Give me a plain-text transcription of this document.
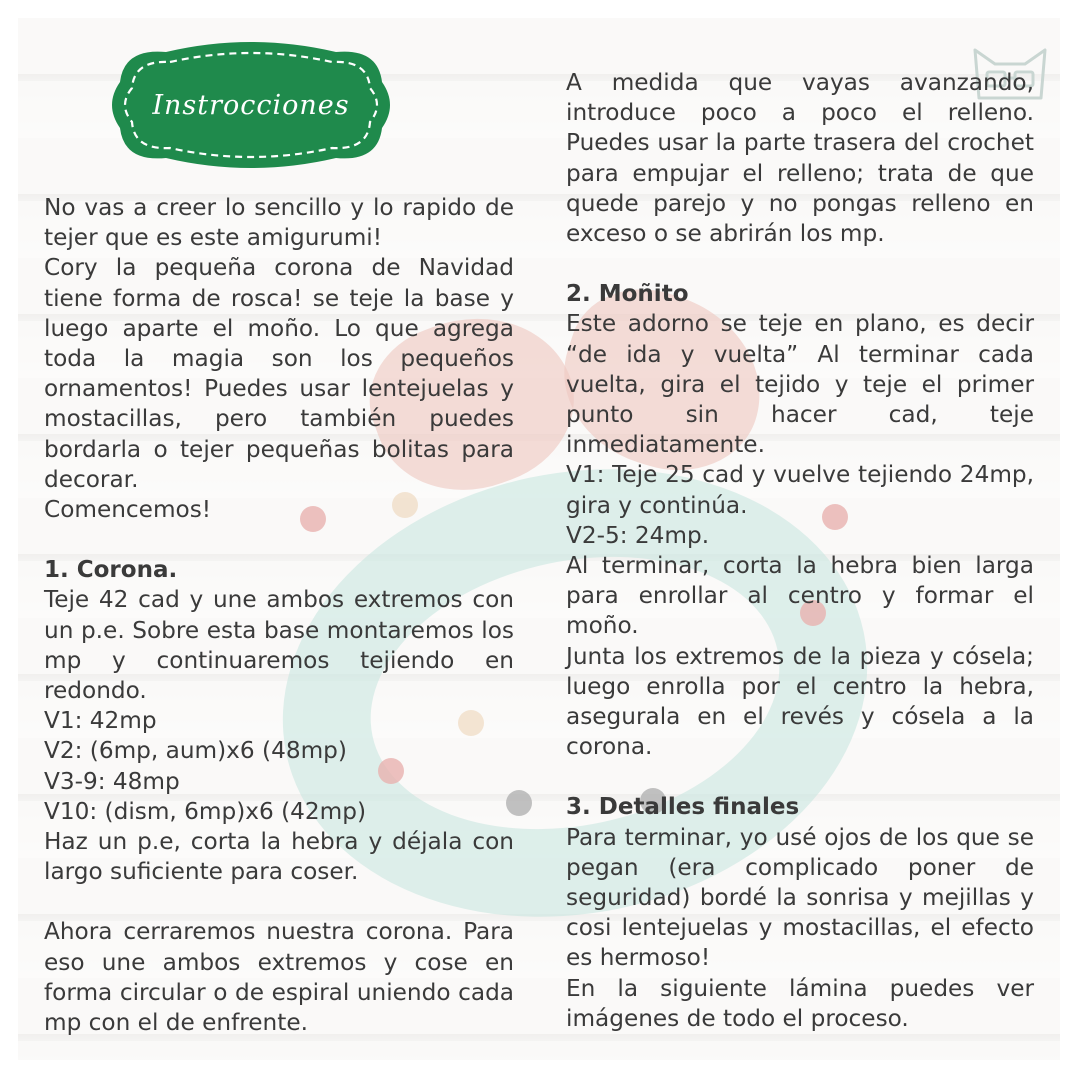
Instrocciones

No vas a creer lo sencillo y lo rapido de tejer que es este amigurumi!

Cory la pequeña corona de Navidad tiene forma de rosca! se teje la base y luego aparte el moño. Lo que agrega toda la magia son los pequeños ornamentos! Puedes usar lentejuelas y mostacillas, pero también puedes bordarla o tejer pequeñas bolitas para decorar.

Comencemos!

1. Corona.

Teje 42 cad y une ambos extremos con un p.e. Sobre esta base montaremos los mp y continuaremos tejiendo en redondo.

V1: 42mp

V2: (6mp, aum)x6 (48mp)

V3-9: 48mp

V10: (dism, 6mp)x6 (42mp)

Haz un p.e, corta la hebra y déjala con largo suficiente para coser.

Ahora cerraremos nuestra corona. Para eso une ambos extremos y cose en forma circular o de espiral uniendo cada mp con el de enfrente.

A medida que vayas avanzando, introduce poco a poco el relleno. Puedes usar la parte trasera del crochet para empujar el relleno; trata de que quede parejo y no pongas relleno en exceso o se abrirán los mp.

2. Moñito

Este adorno se teje en plano, es decir “de ida y vuelta” Al terminar cada vuelta, gira el tejido y teje el primer punto sin hacer cad, teje inmediatamente.

V1: Teje 25 cad y vuelve tejiendo 24mp, gira y continúa.

V2-5: 24mp.

Al terminar, corta la hebra bien larga para enrollar al centro y formar el moño.

Junta los extremos de la pieza y cósela; luego enrolla por el centro la hebra, asegurala en el revés y cósela a la corona.

3. Detalles finales

Para terminar, yo usé ojos de los que se pegan (era complicado poner de seguridad) bordé la sonrisa y mejillas y cosi lentejuelas y mostacillas, el efecto es hermoso!

En la siguiente lámina puedes ver imágenes de todo el proceso.
